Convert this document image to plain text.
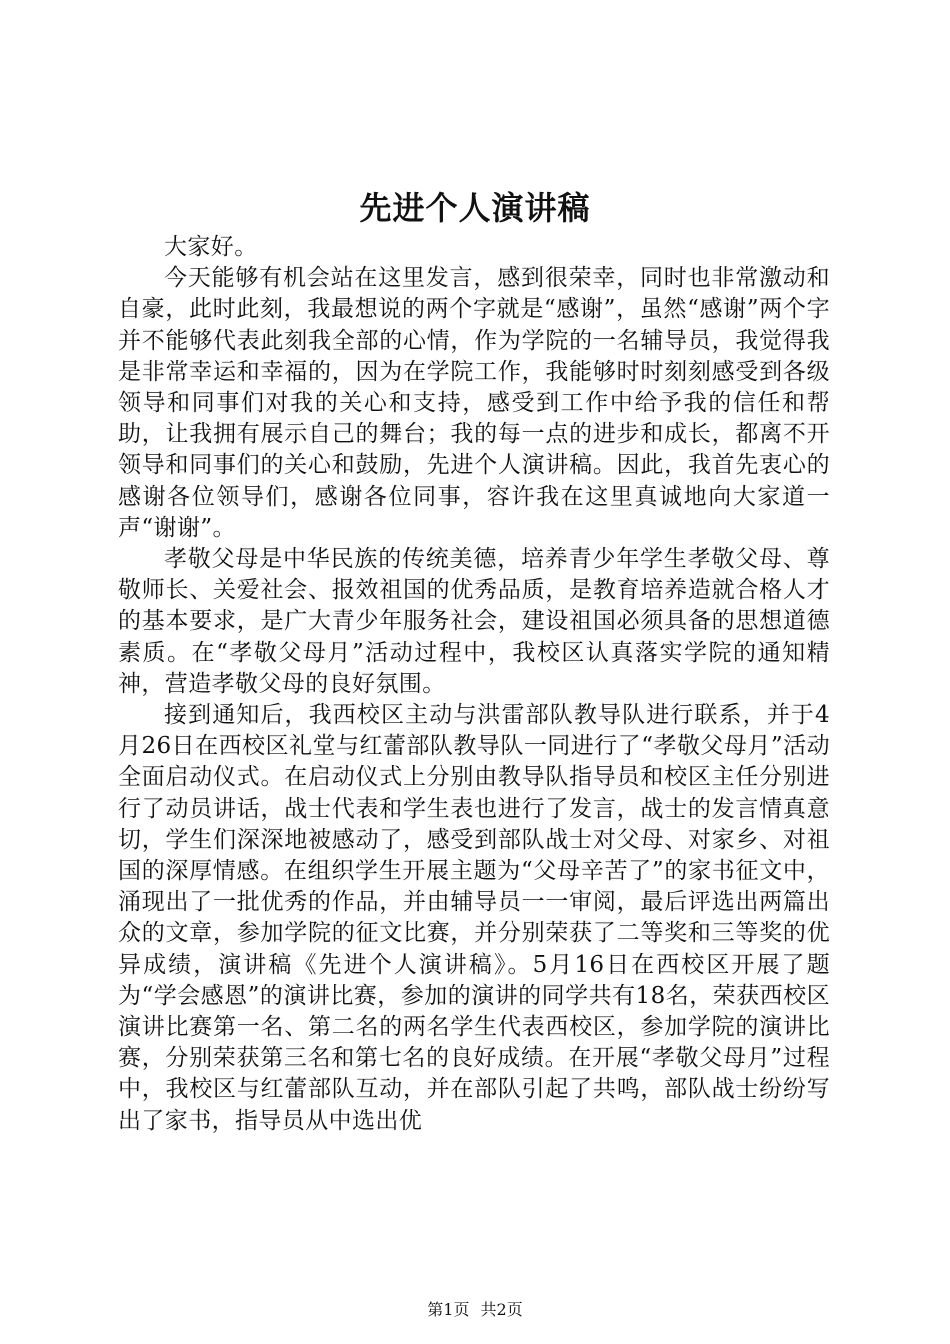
先进个人演讲稿

大家好。

今天能够有机会站在这里发言，感到很荣幸，同时也非常激动和自豪，此时此刻，我最想说的两个字就是“感谢”，虽然“感谢”两个字并不能够代表此刻我全部的心情，作为学院的一名辅导员，我觉得我是非常幸运和幸福的，因为在学院工作，我能够时时刻刻感受到各级领导和同事们对我的关心和支持，感受到工作中给予我的信任和帮助，让我拥有展示自己的舞台；我的每一点的进步和成长，都离不开领导和同事们的关心和鼓励，先进个人演讲稿。因此，我首先衷心的感谢各位领导们，感谢各位同事，容许我在这里真诚地向大家道一声“谢谢”。

孝敬父母是中华民族的传统美德，培养青少年学生孝敬父母、尊敬师长、关爱社会、报效祖国的优秀品质，是教育培养造就合格人才的基本要求，是广大青少年服务社会，建设祖国必须具备的思想道德素质。在“孝敬父母月”活动过程中，我校区认真落实学院的通知精神，营造孝敬父母的良好氛围。

接到通知后，我西校区主动与洪雷部队教导队进行联系，并于4月26日在西校区礼堂与红蕾部队教导队一同进行了“孝敬父母月”活动全面启动仪式。在启动仪式上分别由教导队指导员和校区主任分别进行了动员讲话，战士代表和学生表也进行了发言，战士的发言情真意切，学生们深深地被感动了，感受到部队战士对父母、对家乡、对祖国的深厚情感。在组织学生开展主题为“父母辛苦了”的家书征文中，涌现出了一批优秀的作品，并由辅导员一一审阅，最后评选出两篇出众的文章，参加学院的征文比赛，并分别荣获了二等奖和三等奖的优异成绩，演讲稿《先进个人演讲稿》。5月16日在西校区开展了题为“学会感恩”的演讲比赛，参加的演讲的同学共有18名，荣获西校区演讲比赛第一名、第二名的两名学生代表西校区，参加学院的演讲比赛，分别荣获第三名和第七名的良好成绩。在开展“孝敬父母月”过程中，我校区与红蕾部队互动，并在部队引起了共鸣，部队战士纷纷写出了家书，指导员从中选出优

第1页 共2页
